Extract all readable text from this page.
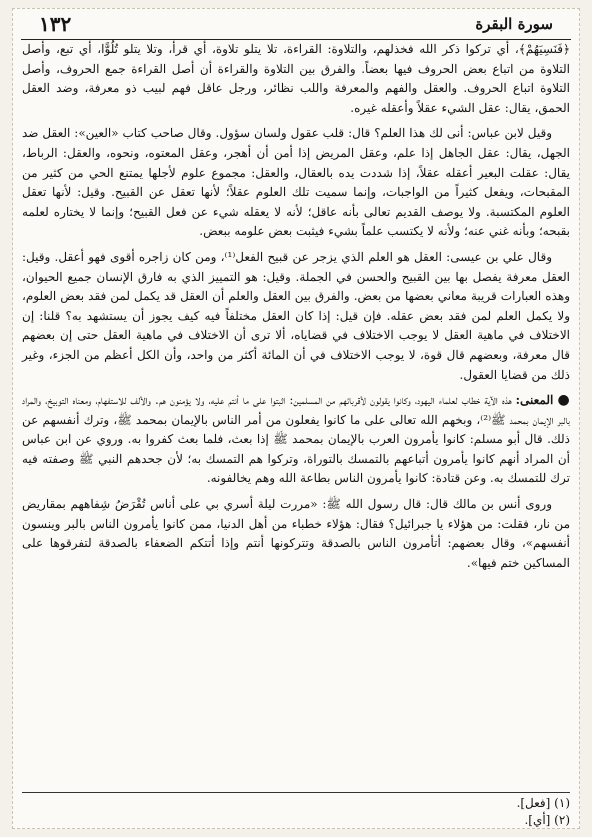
١٣٢	سورة البقرة

﴿فَنَسِيَهُمْ﴾، أي تركوا ذكر الله فخذلهم، والتلاوة: القراءة، تلا يتلو تلاوة، أي قرأ، وتلا يتلو تُلُوًّا، أي تبع، وأصل التلاوة من اتباع بعض الحروف فيها بعضاً. والفرق بين التلاوة والقراءة أن أصل القراءة جمع الحروف، وأصل التلاوة اتباع الحروف. والعقل والفهم والمعرفة واللب نظائر، ورجل عاقل فهم لبيب ذو معرفة، وضد العقل الحمق، يقال: عقل الشيء عقلاً وأعقله غيره.

وقيل لابن عباس: أنى لك هذا العلم؟ قال: قلب عقول ولسان سؤول. وقال صاحب كتاب «العين»: العقل ضد الجهل، يقال: عقل الجاهل إذا علم، وعقل المريض إذا أمن أن أهجر، وعقل المعتوه، ونحوه، والعقل: الرباط، يقال: عقلت البعير أعقله عقلاً، إذا شددت يده بالعقال، والعقل: مجموع علوم لأجلها يمتنع الحي من كثير من المقبحات، ويفعل كثيراً من الواجبات، وإنما سميت تلك العلوم عقلاً؛ لأنها تعقل عن القبيح. وقيل: لأنها تعقل العلوم المكتسبة. ولا يوصف القديم تعالى بأنه عاقل؛ لأنه لا يعقله شيء عن فعل القبيح؛ وإنما لا يختاره لعلمه بقبحه؛ وبأنه غني عنه؛ ولأنه لا يكتسب علماً بشيء فيثبت بعض علومه ببعض.

وقال علي بن عيسى: العقل هو العلم الذي يزجر عن قبيح الفعل⁽¹⁾، ومن كان زاجره أقوى فهو أعقل. وقيل: العقل معرفة يفصل بها بين القبيح والحسن في الجملة. وقيل: هو التمييز الذي به فارق الإنسان جميع الحيوان، وهذه العبارات قريبة معاني بعضها من بعض. والفرق بين العقل والعلم أن العقل قد يكمل لمن فقد بعض العلوم، ولا يكمل العلم لمن فقد بعض عقله. فإن قيل: إذا كان العقل مختلفاً فيه كيف يجوز أن يستشهد به؟ قلنا: إن الاختلاف في ماهية العقل لا يوجب الاختلاف في قضاياه، ألا ترى أن الاختلاف في ماهية العقل حتى إن بعضهم قال معرفة، وبعضهم قال قوة، لا يوجب الاختلاف في أن المائة أكثر من واحد، وأن الكل أعظم من الجزء، وغير ذلك من قضايا العقول.

● المعنى: هذه الآية خطاب لعلماء اليهود، وكانوا يقولون لأقربائهم من المسلمين: اثبتوا على ما أنتم عليه، ولا يؤمنون هم. والألف للاستفهام، ومعناه التوبيخ، والمراد بالبر الإيمان بمحمد ﷺ⁽²⁾، وبخهم الله تعالى على ما كانوا يفعلون من أمر الناس بالإيمان بمحمد ﷺ، وترك أنفسهم عن ذلك. قال أبو مسلم: كانوا يأمرون العرب بالإيمان بمحمد ﷺ إذا بعث، فلما بعث كفروا به. وروي عن ابن عباس أن المراد أنهم كانوا يأمرون أتباعهم بالتمسك بالتوراة، وتركوا هم التمسك به؛ لأن جحدهم النبي ﷺ وصفته فيه ترك للتمسك به. وعن قتادة: كانوا يأمرون الناس بطاعة الله وهم يخالفونه.

وروى أنس بن مالك قال: قال رسول الله ﷺ: «مررت ليلة أسري بي على أناس تُقْرَضُ شِفاههم بمقاريض من نار، فقلت: من هؤلاء يا جبرائيل؟ فقال: هؤلاء خطباء من أهل الدنيا، ممن كانوا يأمرون الناس بالبر وينسون أنفسهم»، وقال بعضهم: أتأمرون الناس بالصدقة وتتركونها أنتم وإذا أتتكم الضعفاء بالصدقة لتفرقوها على المساكين ختم فيها».

(١) [فعل].
(٢) [أي].
